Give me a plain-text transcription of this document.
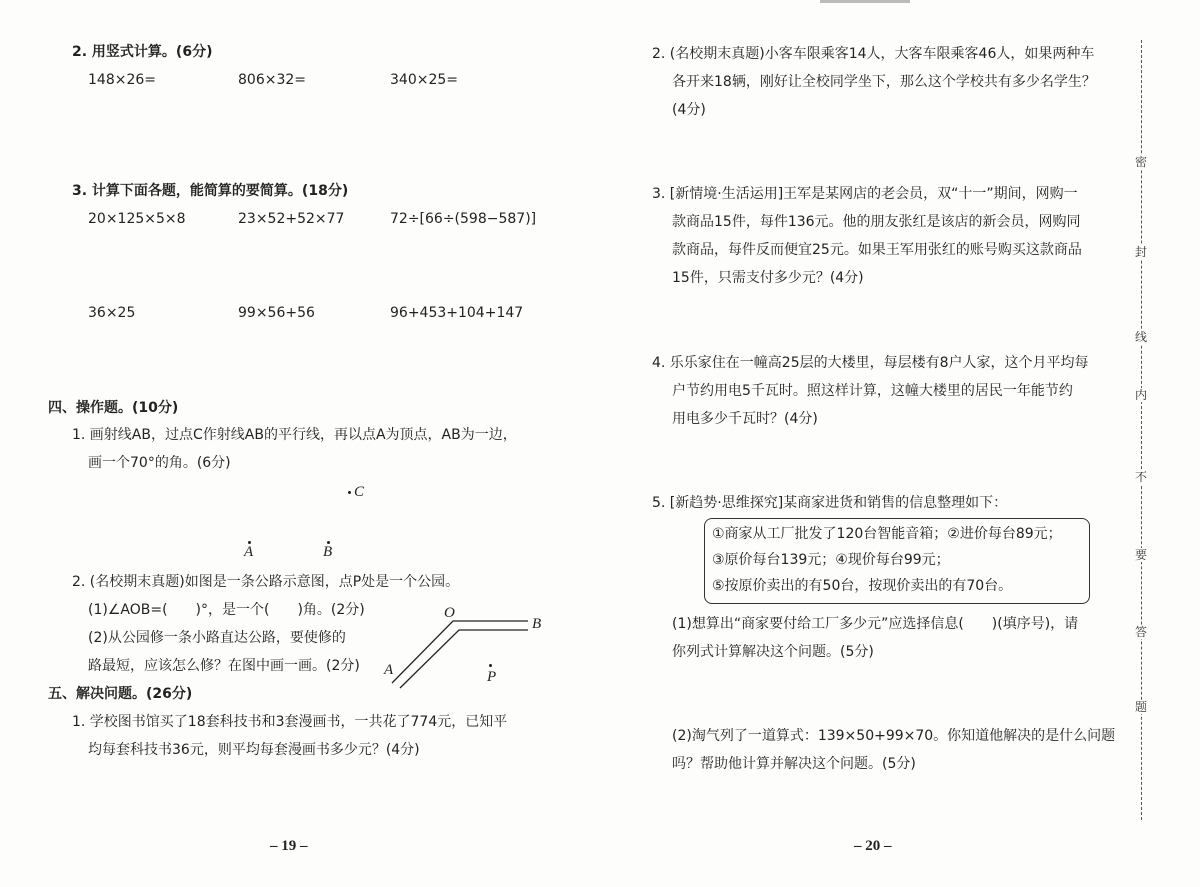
2. 用竖式计算。(6分)
148×26=	806×32=	340×25=
3. 计算下面各题，能简算的要简算。(18分)
20×125×5×8	23×52+52×77	72÷[66÷(598−587)]
36×25	99×56+56	96+453+104+147
四、操作题。(10分)
1. 画射线AB，过点C作射线AB的平行线，再以点A为顶点，AB为一边，
画一个70°的角。(6分)
C
A	B
2. (名校期末真题)如图是一条公路示意图，点P处是一个公园。
(1)∠AOB=(　　)°，是一个(　　)角。(2分)
(2)从公园修一条小路直达公路，要使修的
路最短，应该怎么修？在图中画一画。(2分)
O
B
A	P
五、解决问题。(26分)
1. 学校图书馆买了18套科技书和3套漫画书，一共花了774元，已知平
均每套科技书36元，则平均每套漫画书多少元？(4分)
– 19 –
2. (名校期末真题)小客车限乘客14人，大客车限乘客46人，如果两种车
各开来18辆，刚好让全校同学坐下，那么这个学校共有多少名学生？
(4分)
3. [新情境·生活运用]王军是某网店的老会员，双“十一”期间，网购一
款商品15件，每件136元。他的朋友张红是该店的新会员，网购同
款商品，每件反而便宜25元。如果王军用张红的账号购买这款商品
15件，只需支付多少元？(4分)
4. 乐乐家住在一幢高25层的大楼里，每层楼有8户人家，这个月平均每
户节约用电5千瓦时。照这样计算，这幢大楼里的居民一年能节约
用电多少千瓦时？(4分)
5. [新趋势·思维探究]某商家进货和销售的信息整理如下：
①商家从工厂批发了120台智能音箱；②进价每台89元；
③原价每台139元；④现价每台99元；
⑤按原价卖出的有50台，按现价卖出的有70台。
(1)想算出“商家要付给工厂多少元”应选择信息(　　)(填序号)，请
你列式计算解决这个问题。(5分)
(2)淘气列了一道算式：139×50+99×70。你知道他解决的是什么问题
吗？帮助他计算并解决这个问题。(5分)
– 20 –
密
封
线
内
不
要
答
题
